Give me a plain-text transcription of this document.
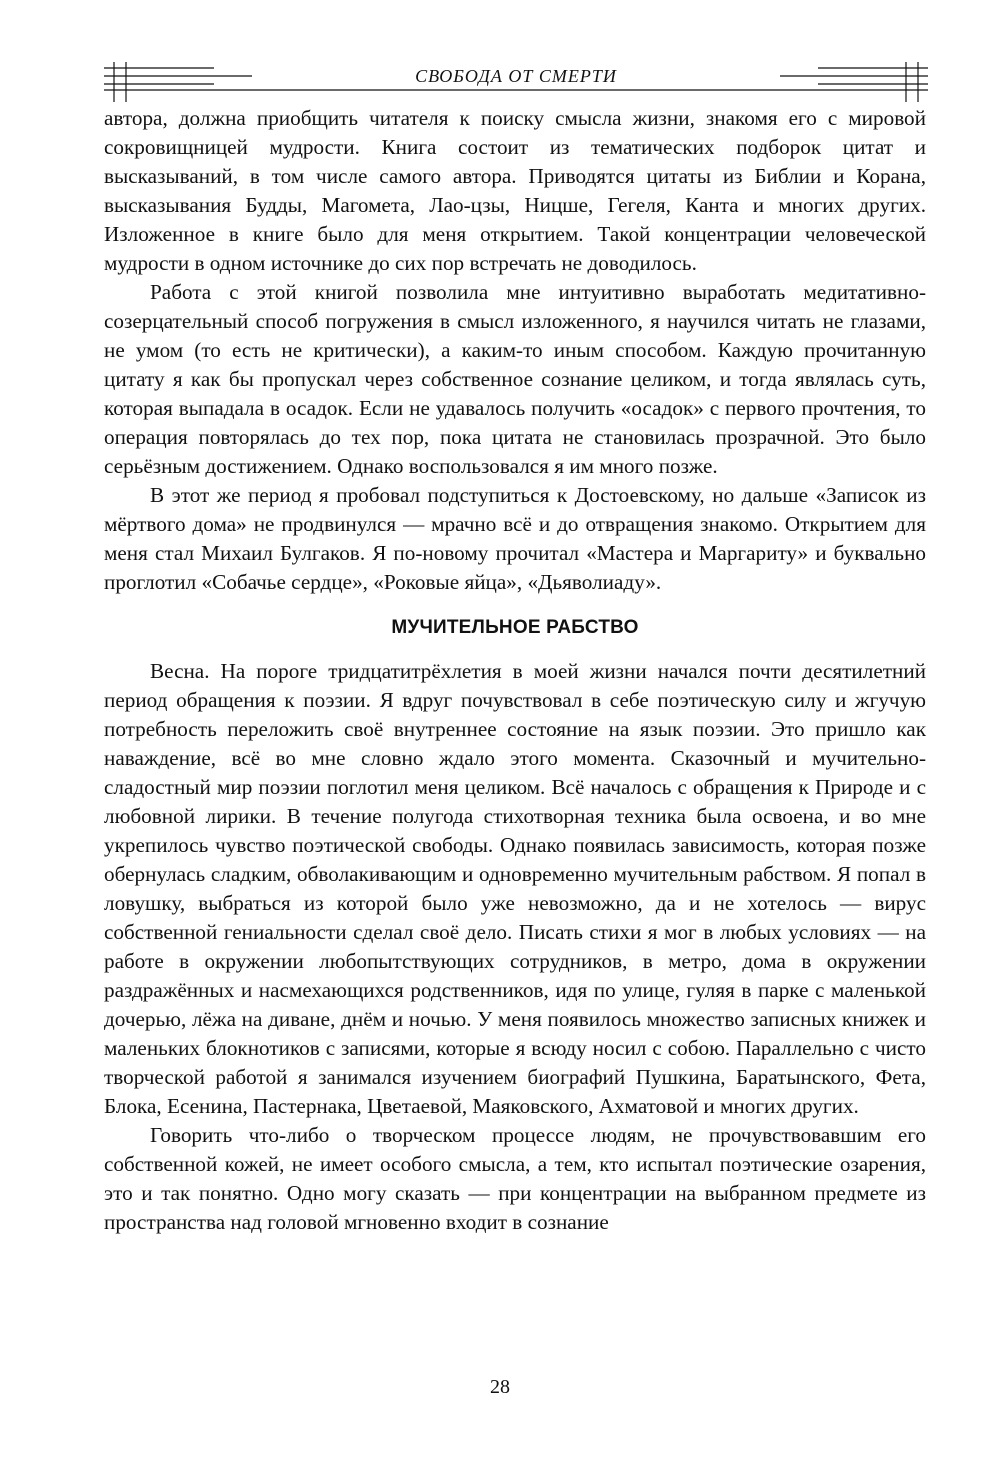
СВОБОДА ОТ СМЕРТИ

автора, должна приобщить читателя к поиску смысла жизни, знакомя его с мировой сокровищницей мудрости. Книга состоит из тематических подборок цитат и высказываний, в том числе самого автора. Приводятся цитаты из Библии и Корана, высказывания Будды, Магомета, Лао-цзы, Ницше, Гегеля, Канта и многих других. Изложенное в книге было для меня открытием. Такой концентрации человеческой мудрости в одном источнике до сих пор встречать не доводилось.

Работа с этой книгой позволила мне интуитивно выработать медитативно-созерцательный способ погружения в смысл изложенного, я научился читать не глазами, не умом (то есть не критически), а каким-то иным способом. Каждую прочитанную цитату я как бы пропускал через собственное сознание целиком, и тогда являлась суть, которая выпадала в осадок. Если не удавалось получить «осадок» с первого прочтения, то операция повторялась до тех пор, пока цитата не становилась прозрачной. Это было серьёзным достижением. Однако воспользовался я им много позже.

В этот же период я пробовал подступиться к Достоевскому, но дальше «Записок из мёртвого дома» не продвинулся — мрачно всё и до отвращения знакомо. Открытием для меня стал Михаил Булгаков. Я по-новому прочитал «Мастера и Маргариту» и буквально проглотил «Собачье сердце», «Роковые яйца», «Дьяволиаду».

МУЧИТЕЛЬНОЕ РАБСТВО

Весна. На пороге тридцатитрёхлетия в моей жизни начался почти десятилетний период обращения к поэзии. Я вдруг почувствовал в себе поэтическую силу и жгучую потребность переложить своё внутреннее состояние на язык поэзии. Это пришло как наваждение, всё во мне словно ждало этого момента. Сказочный и мучительно-сладостный мир поэзии поглотил меня целиком. Всё началось с обращения к Природе и с любовной лирики. В течение полугода стихотворная техника была освоена, и во мне укрепилось чувство поэтической свободы. Однако появилась зависимость, которая позже обернулась сладким, обволакивающим и одновременно мучительным рабством. Я попал в ловушку, выбраться из которой было уже невозможно, да и не хотелось — вирус собственной гениальности сделал своё дело. Писать стихи я мог в любых условиях — на работе в окружении любопытствующих сотрудников, в метро, дома в окружении раздражённых и насмехающихся родственников, идя по улице, гуляя в парке с маленькой дочерью, лёжа на диване, днём и ночью. У меня появилось множество записных книжек и маленьких блокнотиков с записями, которые я всюду носил с собою. Параллельно с чисто творческой работой я занимался изучением биографий Пушкина, Баратынского, Фета, Блока, Есенина, Пастернака, Цветаевой, Маяковского, Ахматовой и многих других.

Говорить что-либо о творческом процессе людям, не прочувствовавшим его собственной кожей, не имеет особого смысла, а тем, кто испытал поэтические озарения, это и так понятно. Одно могу сказать — при концентрации на выбранном предмете из пространства над головой мгновенно входит в сознание

28
